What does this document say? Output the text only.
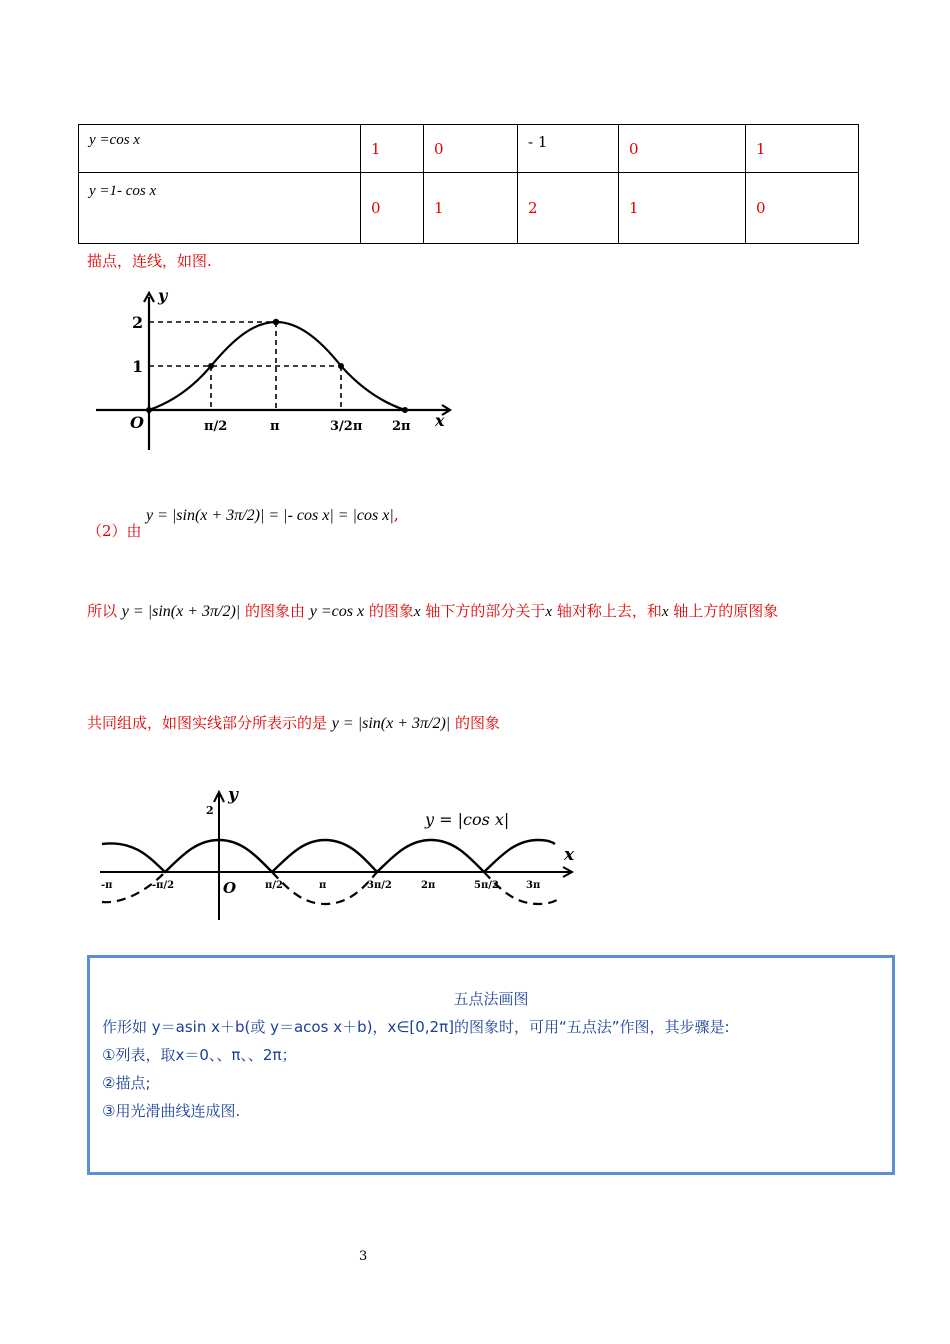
y =cos x	1	0	- 1	0	1
y =1- cos x	0	1	2	1	0
描点，连线，如图.
y
x
O
2
1
π/2	π	3/2π 2π
（2）由
y = |sin(x + 3π/2)| = |- cos x| = |cos x|,
所以 y = |sin(x + 3π/2)| 的图象由 y =cos x 的图象x 轴下方的部分关于x 轴对称上去，和x 轴上方的原图象
共同组成，如图实线部分所表示的是 y = |sin(x + 3π/2)| 的图象
y
x
O
2
-π	-π/2	π/2	π	3π/2	2π	5π/2	3π
y = |cos x|
五点法画图
作形如 y＝asin x＋b(或 y＝acos x＋b)，x∈[0,2π]的图象时，可用“五点法”作图，其步骤是:
①列表，取x＝0、、π、、2π；
②描点;
③用光滑曲线连成图.
3
